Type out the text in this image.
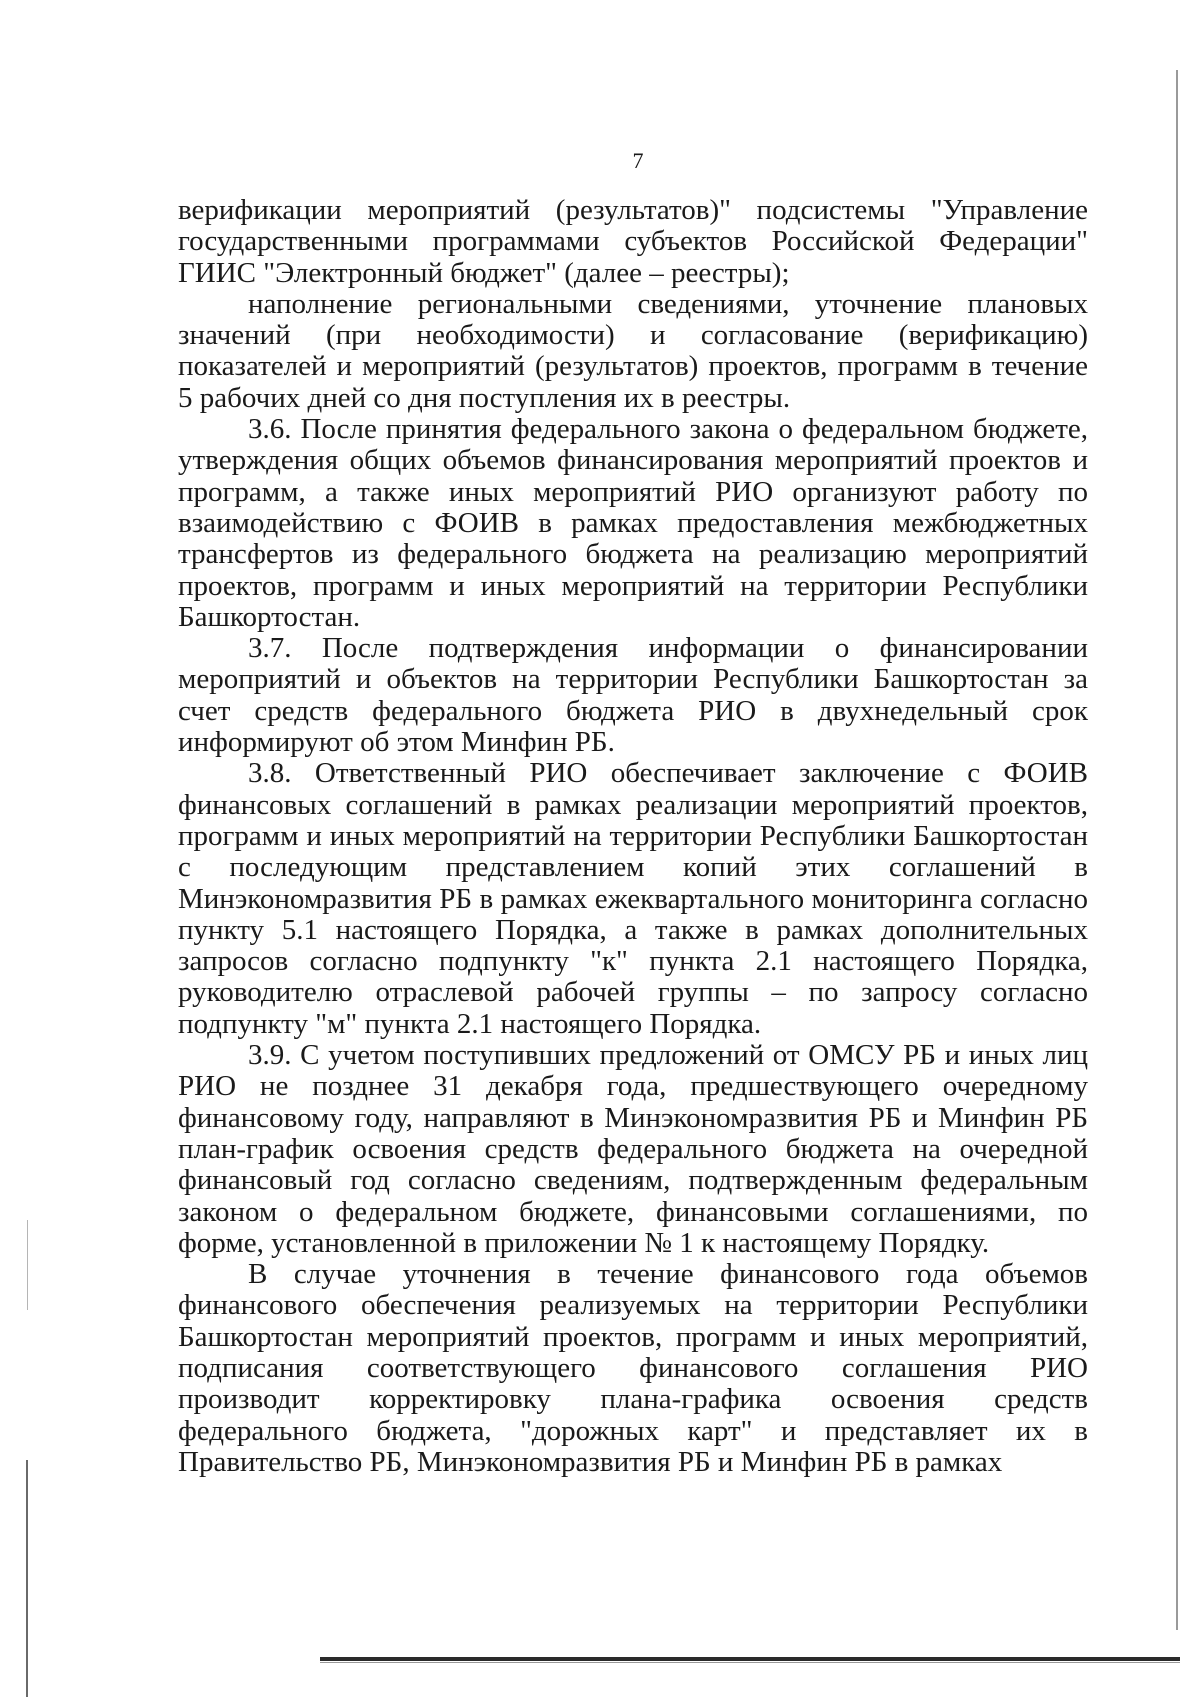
7

верификации мероприятий (результатов)" подсистемы "Управление государственными программами субъектов Российской Федерации" ГИИС "Электронный бюджет" (далее – реестры);

наполнение региональными сведениями, уточнение плановых значений (при необходимости) и согласование (верификацию) показателей и мероприятий (результатов) проектов, программ в течение 5 рабочих дней со дня поступления их в реестры.

3.6. После принятия федерального закона о федеральном бюджете, утверждения общих объемов финансирования мероприятий проектов и программ, а также иных мероприятий РИО организуют работу по взаимодействию с ФОИВ в рамках предоставления межбюджетных трансфертов из федерального бюджета на реализацию мероприятий проектов, программ и иных мероприятий на территории Республики Башкортостан.

3.7. После подтверждения информации о финансировании мероприятий и объектов на территории Республики Башкортостан за счет средств федерального бюджета РИО в двухнедельный срок информируют об этом Минфин РБ.

3.8. Ответственный РИО обеспечивает заключение с ФОИВ финансовых соглашений в рамках реализации мероприятий проектов, программ и иных мероприятий на территории Республики Башкортостан с последующим представлением копий этих соглашений в Минэкономразвития РБ в рамках ежеквартального мониторинга согласно пункту 5.1 настоящего Порядка, а также в рамках дополнительных запросов согласно подпункту "к" пункта 2.1 настоящего Порядка, руководителю отраслевой рабочей группы – по запросу согласно подпункту "м" пункта 2.1 настоящего Порядка.

3.9. С учетом поступивших предложений от ОМСУ РБ и иных лиц РИО не позднее 31 декабря года, предшествующего очередному финансовому году, направляют в Минэкономразвития РБ и Минфин РБ план-график освоения средств федерального бюджета на очередной финансовый год согласно сведениям, подтвержденным федеральным законом о федеральном бюджете, финансовыми соглашениями, по форме, установленной в приложении № 1 к настоящему Порядку.

В случае уточнения в течение финансового года объемов финансового обеспечения реализуемых на территории Республики Башкортостан мероприятий проектов, программ и иных мероприятий, подписания соответствующего финансового соглашения РИО производит корректировку плана-графика освоения средств федерального бюджета, "дорожных карт" и представляет их в Правительство РБ, Минэкономразвития РБ и Минфин РБ в рамках
